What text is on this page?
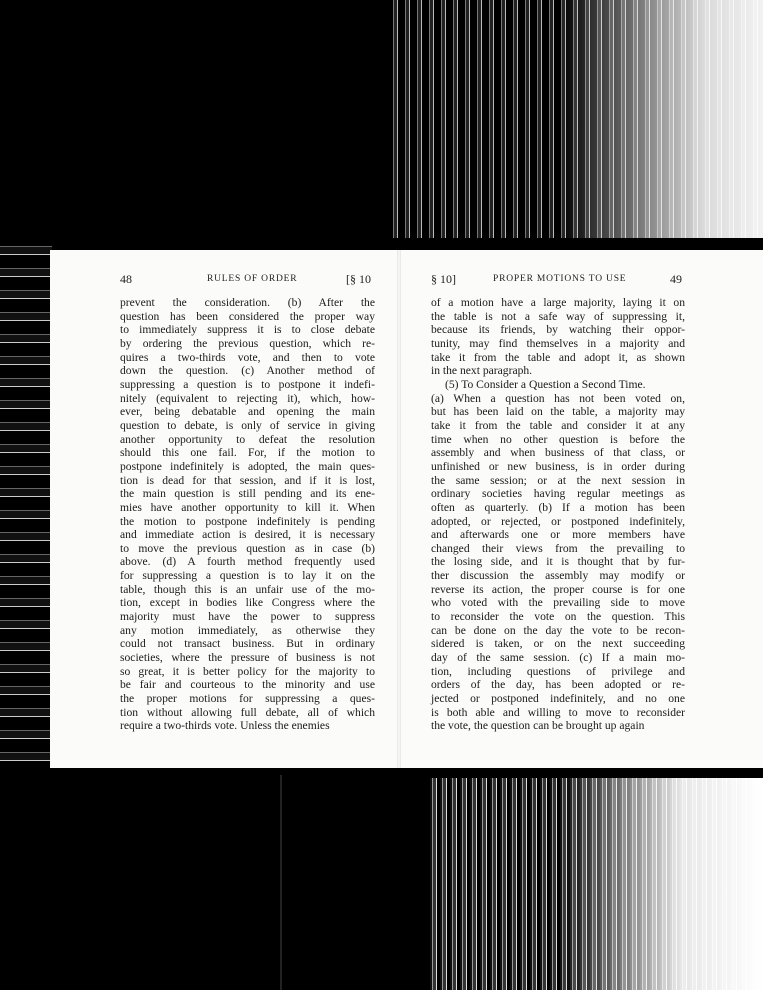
48	RULES OF ORDER	[§ 10
prevent the consideration. (b) After the
question has been considered the proper way
to immediately suppress it is to close debate
by ordering the previous question, which re-
quires a two-thirds vote, and then to vote
down the question. (c) Another method of
suppressing a question is to postpone it indefi-
nitely (equivalent to rejecting it), which, how-
ever, being debatable and opening the main
question to debate, is only of service in giving
another opportunity to defeat the resolution
should this one fail. For, if the motion to
postpone indefinitely is adopted, the main ques-
tion is dead for that session, and if it is lost,
the main question is still pending and its ene-
mies have another opportunity to kill it. When
the motion to postpone indefinitely is pending
and immediate action is desired, it is necessary
to move the previous question as in case (b)
above. (d) A fourth method frequently used
for suppressing a question is to lay it on the
table, though this is an unfair use of the mo-
tion, except in bodies like Congress where the
majority must have the power to suppress
any motion immediately, as otherwise they
could not transact business. But in ordinary
societies, where the pressure of business is not
so great, it is better policy for the majority to
be fair and courteous to the minority and use
the proper motions for suppressing a ques-
tion without allowing full debate, all of which
require a two-thirds vote. Unless the enemies
§ 10]	PROPER MOTIONS TO USE	49
of a motion have a large majority, laying it on
the table is not a safe way of suppressing it,
because its friends, by watching their oppor-
tunity, may find themselves in a majority and
take it from the table and adopt it, as shown
in the next paragraph.
(5) To Consider a Question a Second Time.
(a) When a question has not been voted on,
but has been laid on the table, a majority may
take it from the table and consider it at any
time when no other question is before the
assembly and when business of that class, or
unfinished or new business, is in order during
the same session; or at the next session in
ordinary societies having regular meetings as
often as quarterly. (b) If a motion has been
adopted, or rejected, or postponed indefinitely,
and afterwards one or more members have
changed their views from the prevailing to
the losing side, and it is thought that by fur-
ther discussion the assembly may modify or
reverse its action, the proper course is for one
who voted with the prevailing side to move
to reconsider the vote on the question. This
can be done on the day the vote to be recon-
sidered is taken, or on the next succeeding
day of the same session. (c) If a main mo-
tion, including questions of privilege and
orders of the day, has been adopted or re-
jected or postponed indefinitely, and no one
is both able and willing to move to reconsider
the vote, the question can be brought up again
